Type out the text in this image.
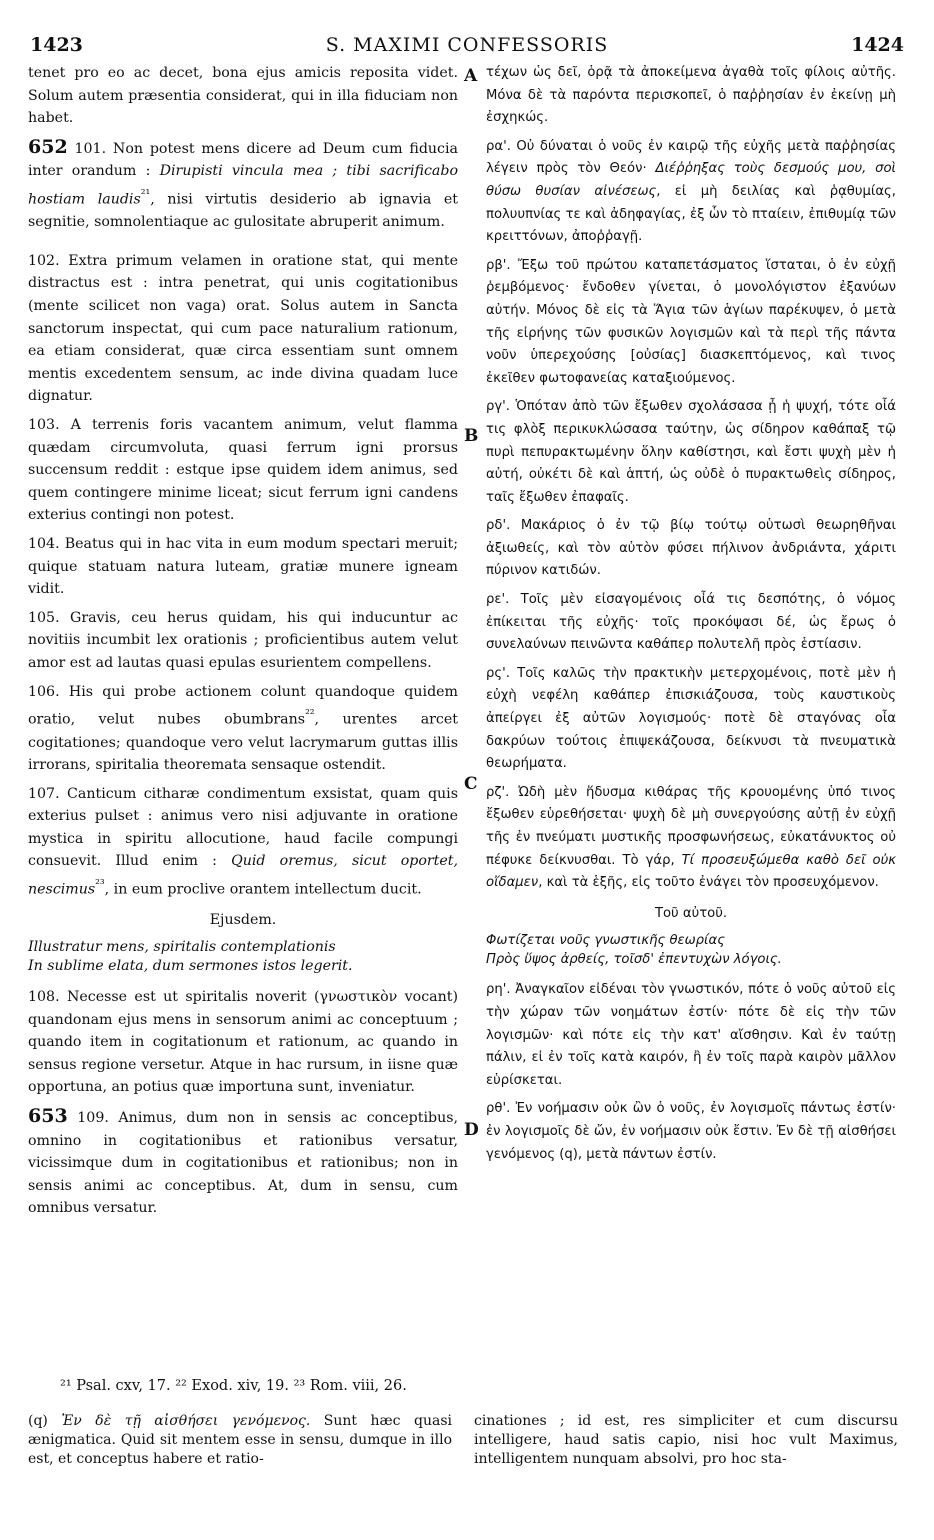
1423	S. MAXIMI CONFESSORIS	1424
A
B
C
D

tenet pro eo ac decet, bona ejus amicis reposita videt. Solum autem præsentia considerat, qui in illa fiduciam non habet.

652 101. Non potest mens dicere ad Deum cum fiducia inter orandum : Dirupisti vincula mea ; tibi sacrificabo hostiam laudis$^{^{21}}$, nisi virtutis desiderio ab ignavia et segnitie, somnolentiaque ac gulositate abruperit animum.

102. Extra primum velamen in oratione stat, qui mente distractus est : intra penetrat, qui unis cogitationibus (mente scilicet non vaga) orat. Solus autem in Sancta sanctorum inspectat, qui cum pace naturalium rationum, ea etiam considerat, quæ circa essentiam sunt omnem mentis excedentem sensum, ac inde divina quadam luce dignatur.

103. A terrenis foris vacantem animum, velut flamma quædam circumvoluta, quasi ferrum igni prorsus succensum reddit : estque ipse quidem idem animus, sed quem contingere minime liceat; sicut ferrum igni candens exterius contingi non potest.

104. Beatus qui in hac vita in eum modum spectari meruit; quique statuam natura luteam, gratiæ munere igneam vidit.

105. Gravis, ceu herus quidam, his qui inducuntur ac novitiis incumbit lex orationis ; proficientibus autem velut amor est ad lautas quasi epulas esurientem compellens.

106. His qui probe actionem colunt quandoque quidem oratio, velut nubes obumbrans$^{^{22}}$, urentes arcet cogitationes; quandoque vero velut lacrymarum guttas illis irrorans, spiritalia theoremata sensaque ostendit.

107. Canticum citharæ condimentum exsistat, quam quis exterius pulset : animus vero nisi adjuvante in oratione mystica in spiritu allocutione, haud facile compungi consuevit. Illud enim : Quid oremus, sicut oportet, nescimus$^{^{23}}$, in eum proclive orantem intellectum ducit.

Ejusdem.
Illustratur mens, spiritalis contemplationis
In sublime elata, dum sermones istos legerit.

108. Necesse est ut spiritalis noverit (γνωστικὸν vocant) quandonam ejus mens in sensorum animi ac conceptuum ; quando item in cogitationum et rationum, ac quando in sensus regione versetur. Atque in hac rursum, in iisne quæ opportuna, an potius quæ importuna sunt, inveniatur.

653 109. Animus, dum non in sensis ac conceptibus, omnino in cogitationibus et rationibus versatur, vicissimque dum in cogitationibus et rationibus; non in sensis animi ac conceptibus. At, dum in sensu, cum omnibus versatur.

τέχων ὡς δεῖ, ὁρᾷ τὰ ἀποκείμενα ἀγαθὰ τοῖς φίλοις αὐτῆς. Μόνα δὲ τὰ παρόντα περισκοπεῖ, ὁ παῤῥησίαν ἐν ἐκείνῃ μὴ ἐσχηκώς.

ρα'. Οὐ δύναται ὁ νοῦς ἐν καιρῷ τῆς εὐχῆς μετὰ παῤῥησίας λέγειν πρὸς τὸν Θεόν· Διέῤῥηξας τοὺς δεσμούς μου, σοὶ θύσω θυσίαν αἰνέσεως, εἰ μὴ δειλίας καὶ ῥᾳθυμίας, πολυυπνίας τε καὶ ἀδηφαγίας, ἐξ ὧν τὸ πταίειν, ἐπιθυμίᾳ τῶν κρειττόνων, ἀποῤῥαγῇ.

ρβ'. Ἔξω τοῦ πρώτου καταπετάσματος ἵσταται, ὁ ἐν εὐχῇ ῥεμβόμενος· ἔνδοθεν γίνεται, ὁ μονολόγιστον ἐξανύων αὐτήν. Μόνος δὲ εἰς τὰ Ἅγια τῶν ἁγίων παρέκυψεν, ὁ μετὰ τῆς εἰρήνης τῶν φυσικῶν λογισμῶν καὶ τὰ περὶ τῆς πάντα νοῦν ὑπερεχούσης [οὐσίας] διασκεπτόμενος, καὶ τινος ἐκεῖθεν φωτοφανείας καταξιούμενος.

ργ'. Ὁπόταν ἀπὸ τῶν ἔξωθεν σχολάσασα ᾖ ἡ ψυχή, τότε οἷά τις φλὸξ περικυκλώσασα ταύτην, ὡς σίδηρον καθάπαξ τῷ πυρὶ πεπυρακτωμένην ὅλην καθίστησι, καὶ ἔστι ψυχὴ μὲν ἡ αὐτή, οὐκέτι δὲ καὶ ἁπτή, ὡς οὐδὲ ὁ πυρακτωθεὶς σίδηρος, ταῖς ἔξωθεν ἐπαφαῖς.

ρδ'. Μακάριος ὁ ἐν τῷ βίῳ τούτῳ οὑτωσὶ θεωρηθῆναι ἀξιωθείς, καὶ τὸν αὐτὸν φύσει πήλινον ἀνδριάντα, χάριτι πύρινον κατιδών.

ρε'. Τοῖς μὲν εἰσαγομένοις οἷά τις δεσπότης, ὁ νόμος ἐπίκειται τῆς εὐχῆς· τοῖς προκόψασι δέ, ὡς ἔρως ὁ συνελαύνων πεινῶντα καθάπερ πολυτελῆ πρὸς ἑστίασιν.

ρς'. Τοῖς καλῶς τὴν πρακτικὴν μετερχομένοις, ποτὲ μὲν ἡ εὐχὴ νεφέλη καθάπερ ἐπισκιάζουσα, τοὺς καυστικοὺς ἀπείργει ἐξ αὐτῶν λογισμούς· ποτὲ δὲ σταγόνας οἷα δακρύων τούτοις ἐπιψεκάζουσα, δείκνυσι τὰ πνευματικὰ θεωρήματα.

ρζ'. Ὠδὴ μὲν ἥδυσμα κιθάρας τῆς κρουομένης ὑπό τινος ἔξωθεν εὑρεθήσεται· ψυχὴ δὲ μὴ συνεργούσης αὐτῇ ἐν εὐχῇ τῆς ἐν πνεύματι μυστικῆς προσφωνήσεως, εὐκατάνυκτος οὐ πέφυκε δείκνυσθαι. Τὸ γάρ, Τί προσευξώμεθα καθὸ δεῖ οὐκ οἴδαμεν, καὶ τὰ ἑξῆς, εἰς τοῦτο ἐνάγει τὸν προσευχόμενον.

Τοῦ αὐτοῦ.
Φωτίζεται νοῦς γνωστικῆς θεωρίας
Πρὸς ὕψος ἀρθείς, τοῖσδ' ἐπεντυχὼν λόγοις.

ρη'. Ἀναγκαῖον εἰδέναι τὸν γνωστικόν, πότε ὁ νοῦς αὐτοῦ εἰς τὴν χώραν τῶν νοημάτων ἐστίν· πότε δὲ εἰς τὴν τῶν λογισμῶν· καὶ πότε εἰς τὴν κατ' αἴσθησιν. Καὶ ἐν ταύτῃ πάλιν, εἰ ἐν τοῖς κατὰ καιρόν, ἢ ἐν τοῖς παρὰ καιρὸν μᾶλλον εὑρίσκεται.

ρθ'. Ἐν νοήμασιν οὐκ ὢν ὁ νοῦς, ἐν λογισμοῖς πάντως ἐστίν· ἐν λογισμοῖς δὲ ὤν, ἐν νοήμασιν οὐκ ἔστιν. Ἐν δὲ τῇ αἰσθήσει γενόμενος (q), μετὰ πάντων ἐστίν.

²¹ Psal. cxv, 17. ²² Exod. xiv, 19. ²³ Rom. viii, 26.
(q) Ἐν δὲ τῇ αἰσθήσει γενόμενος. Sunt hæc quasi ænigmatica. Quid sit mentem esse in sensu, dumque in illo est, et conceptus habere et ratio-
cinationes ; id est, res simpliciter et cum discursu intelligere, haud satis capio, nisi hoc vult Maximus, intelligentem nunquam absolvi, pro hoc sta-
